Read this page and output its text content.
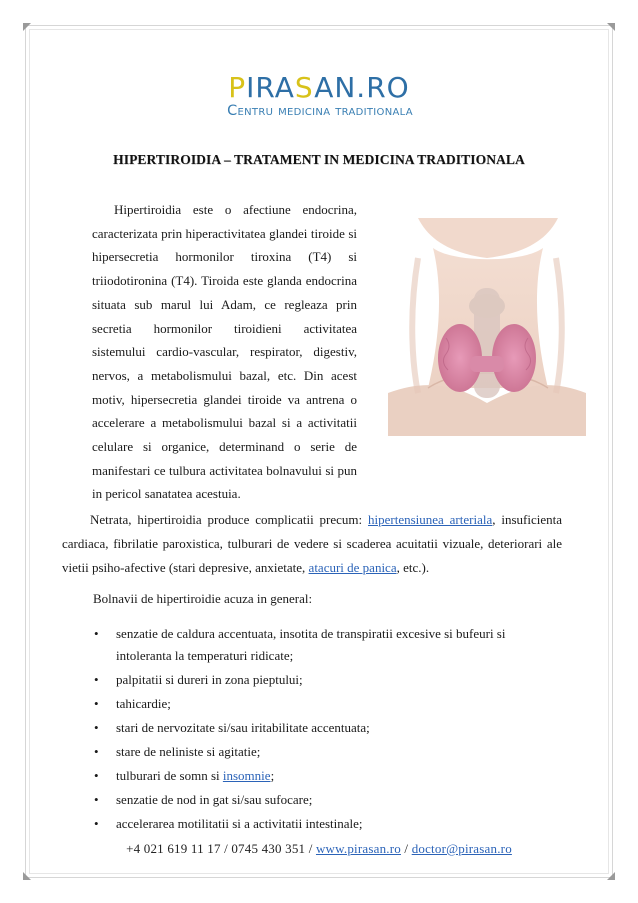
PIRASAN.RO
Centru medicina traditionala
HIPERTIROIDIA – TRATAMENT IN MEDICINA TRADITIONALA

Hipertiroidia este o afectiune endocrina, caracterizata prin hiperactivitatea glandei tiroide si hipersecretia hormonilor tiroxina (T4) si triiodotironina (T4). Tiroida este glanda endocrina situata sub marul lui Adam, ce regleaza prin secretia hormonilor tiroidieni activitatea sistemului cardio-vascular, respirator, digestiv, nervos, a metabolismului bazal, etc. Din acest motiv, hipersecretia glandei tiroide va antrena o accelerare a metabolismului bazal si a activitatii celulare si organice, determinand o serie de manifestari ce tulbura activitatea bolnavului si pun in pericol sanatatea acestuia.

Netrata, hipertiroidia produce complicatii precum: hipertensiunea arteriala, insuficienta cardiaca, fibrilatie paroxistica, tulburari de vedere si scaderea acuitatii vizuale, deteriorari ale vietii psiho-afective (stari depresive, anxietate, atacuri de panica, etc.).

Bolnavii de hipertiroidie acuza in general:

• senzatie de caldura accentuata, insotita de transpiratii excesive si bufeuri si intoleranta la temperaturi ridicate;
• palpitatii si dureri in zona pieptului;
• tahicardie;
• stari de nervozitate si/sau iritabilitate accentuata;
• stare de neliniste si agitatie;
• tulburari de somn si insomnie;
• senzatie de nod in gat si/sau sufocare;
• accelerarea motilitatii si a activitatii intestinale;
+4 021 619 11 17 / 0745 430 351 / www.pirasan.ro / doctor@pirasan.ro
